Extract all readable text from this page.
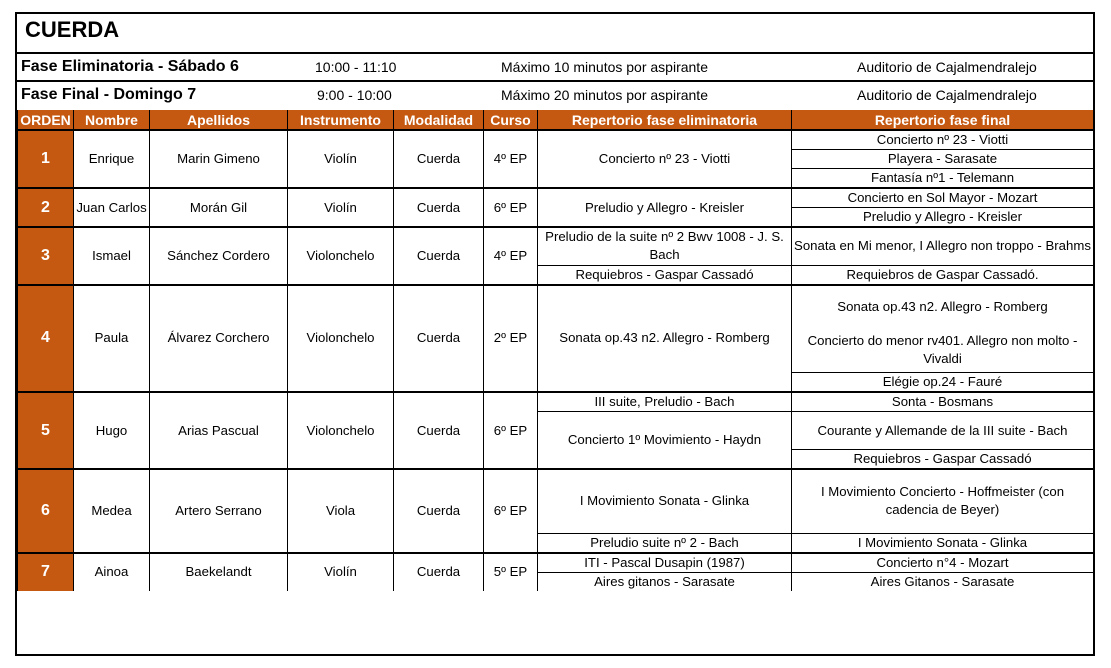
CUERDA
Fase Eliminatoria - Sábado 6	10:00 - 11:10	Máximo 10 minutos por aspirante	Auditorio de Cajalmendralejo
Fase Final - Domingo 7	9:00 - 10:00	Máximo 20 minutos por aspirante	Auditorio de Cajalmendralejo
ORDEN	Nombre	Apellidos	Instrumento	Modalidad	Curso	Repertorio fase eliminatoria	Repertorio fase final
1	Enrique	Marin Gimeno	Violín	Cuerda	4º EP	Concierto nº 23 - Viotti	Concierto nº 23 - Viotti
							Playera - Sarasate
							Fantasía nº1 - Telemann
2	Juan Carlos	Morán Gil	Violín	Cuerda	6º EP	Preludio y Allegro - Kreisler	Concierto en Sol Mayor - Mozart
							Preludio y Allegro - Kreisler
3	Ismael	Sánchez Cordero	Violonchelo	Cuerda	4º EP	Preludio de la suite nº 2 Bwv 1008 - J. S. Bach	Sonata en Mi menor, I Allegro non troppo - Brahms
						Requiebros - Gaspar Cassadó	Requiebros de Gaspar Cassadó.
4	Paula	Álvarez Corchero	Violonchelo	Cuerda	2º EP	Sonata op.43 n2. Allegro - Romberg	Sonata op.43 n2. Allegro - Romberg
							Concierto do menor rv401. Allegro non molto - Vivaldi
							Elégie op.24 - Fauré
5	Hugo	Arias Pascual	Violonchelo	Cuerda	6º EP	III suite, Preludio - Bach	Sonta - Bosmans
						Concierto 1º Movimiento - Haydn	Courante y Allemande de la III suite - Bach
							Requiebros - Gaspar Cassadó
6	Medea	Artero Serrano	Viola	Cuerda	6º EP	I Movimiento Sonata - Glinka	I Movimiento Concierto - Hoffmeister (con cadencia de Beyer)
						Preludio suite nº 2 - Bach	I Movimiento Sonata - Glinka
7	Ainoa	Baekelandt	Violín	Cuerda	5º EP	ITI - Pascal Dusapin (1987)	Concierto n°4 - Mozart
						Aires gitanos - Sarasate	Aires Gitanos - Sarasate
